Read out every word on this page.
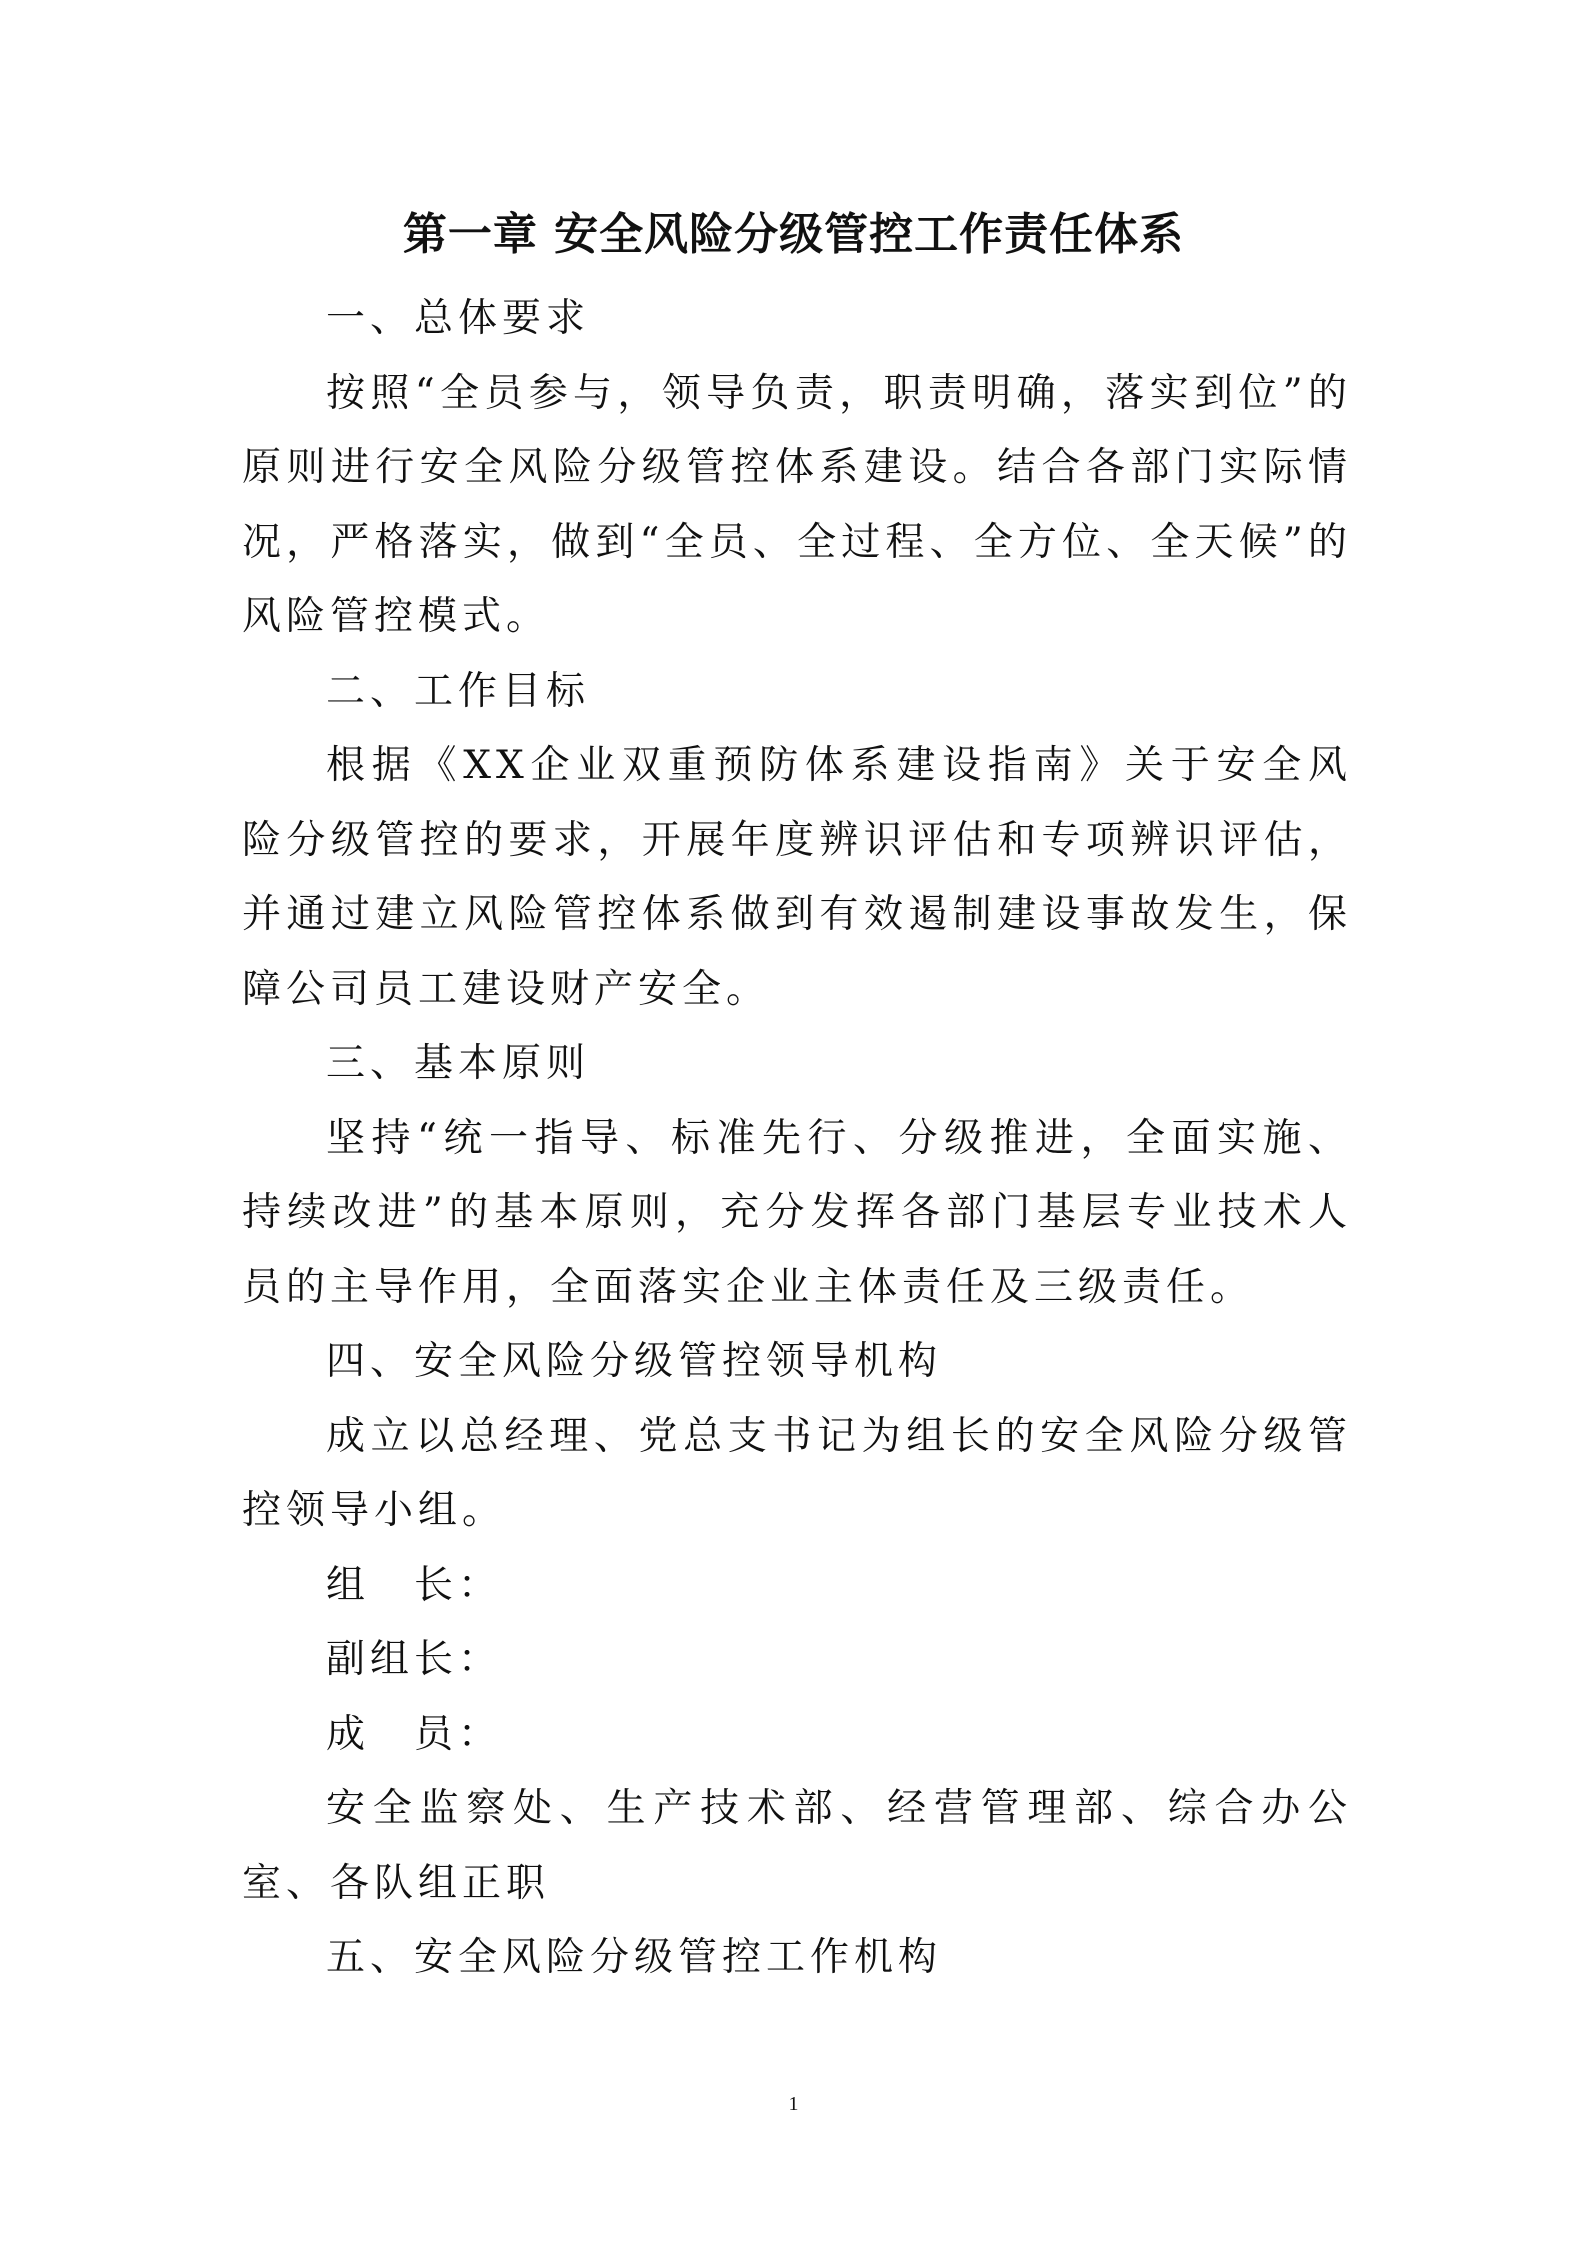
第一章 安全风险分级管控工作责任体系

一、总体要求

按照“全员参与，领导负责，职责明确，落实到位”的原则进行安全风险分级管控体系建设。结合各部门实际情况，严格落实，做到“全员、全过程、全方位、全天候”的风险管控模式。

二、工作目标

根据《XX企业双重预防体系建设指南》关于安全风险分级管控的要求，开展年度辨识评估和专项辨识评估，并通过建立风险管控体系做到有效遏制建设事故发生，保障公司员工建设财产安全。

三、基本原则

坚持“统一指导、标准先行、分级推进，全面实施、持续改进”的基本原则，充分发挥各部门基层专业技术人员的主导作用，全面落实企业主体责任及三级责任。

四、安全风险分级管控领导机构

成立以总经理、党总支书记为组长的安全风险分级管控领导小组。

组　长：

副组长：

成　员：

安全监察处、生产技术部、经营管理部、综合办公室、各队组正职

五、安全风险分级管控工作机构

1
